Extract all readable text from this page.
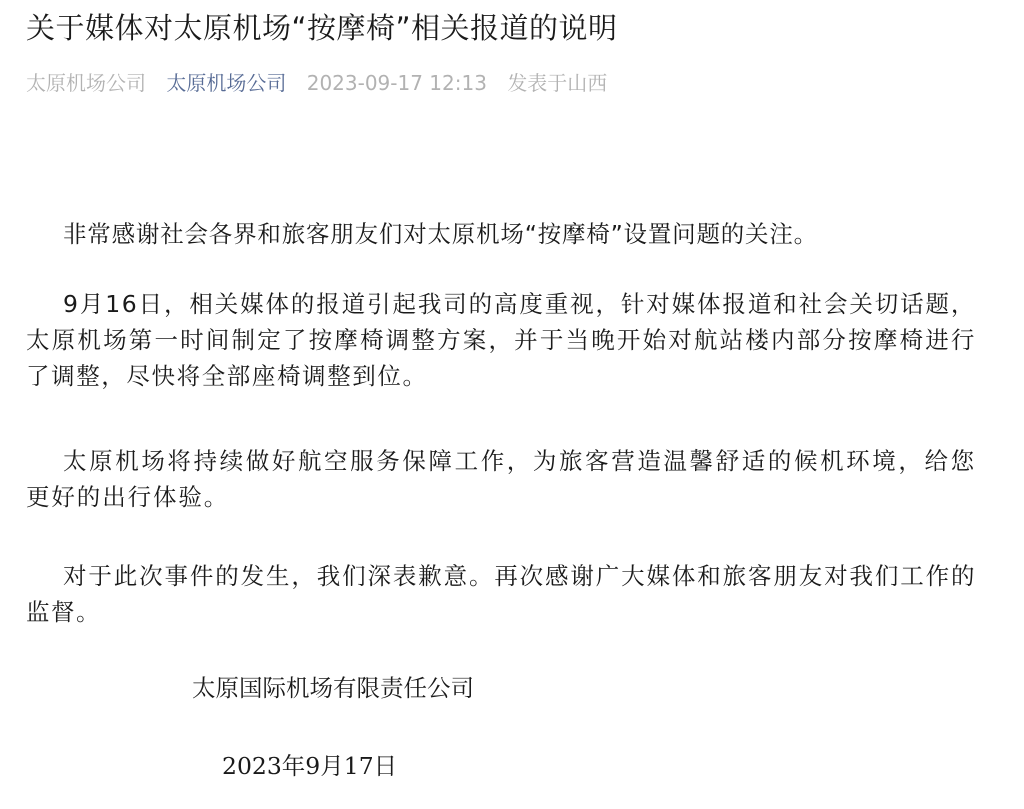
关于媒体对太原机场“按摩椅”相关报道的说明
太原机场公司 太原机场公司 2023-09-17 12:13 发表于山西

非常感谢社会各界和旅客朋友们对太原机场“按摩椅”设置问题的关注。

9月16日，相关媒体的报道引起我司的高度重视，针对媒体报道和社会关切话题，太原机场第一时间制定了按摩椅调整方案，并于当晚开始对航站楼内部分按摩椅进行了调整，尽快将全部座椅调整到位。

太原机场将持续做好航空服务保障工作，为旅客营造温馨舒适的候机环境，给您更好的出行体验。

对于此次事件的发生，我们深表歉意。再次感谢广大媒体和旅客朋友对我们工作的监督。

太原国际机场有限责任公司

2023年9月17日
